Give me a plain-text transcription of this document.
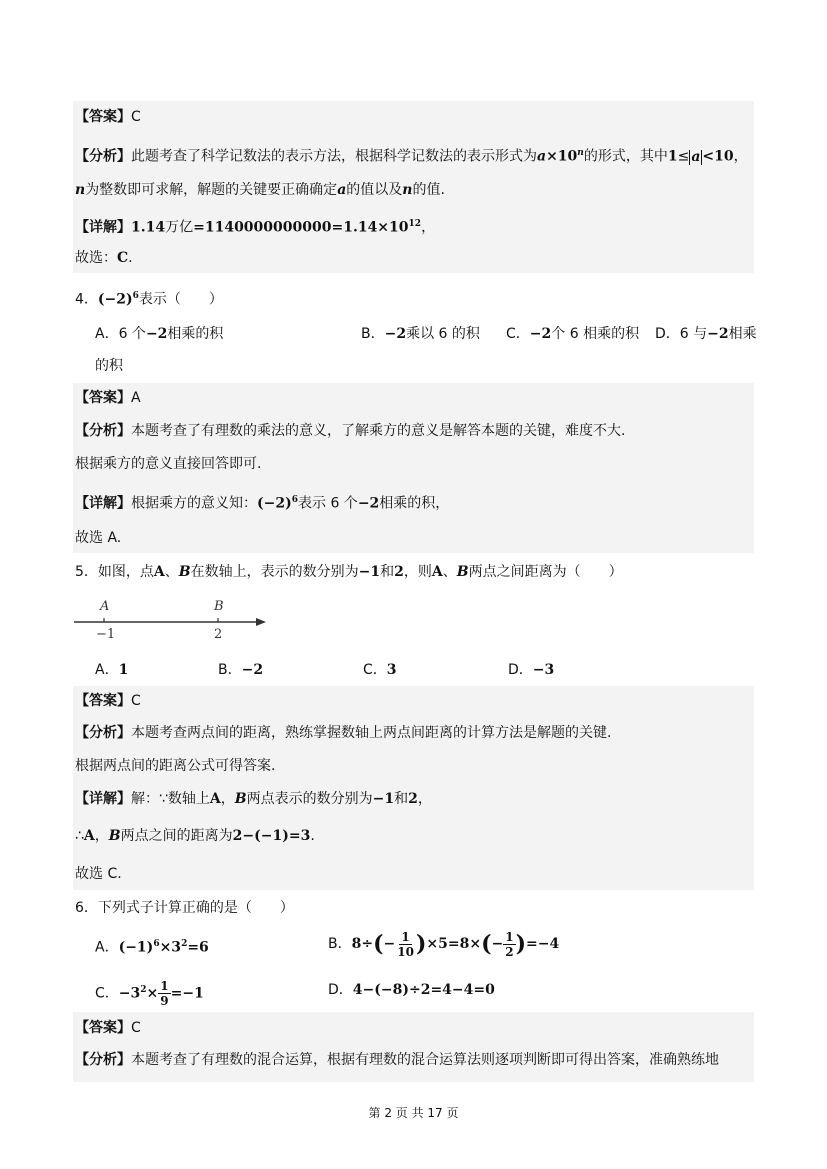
【答案】C
【分析】此题考查了科学记数法的表示方法，根据科学记数法的表示形式为$a\times 10^n$的形式，其中1≤ a <10，
n为整数即可求解，解题的关键要正确确定a的值以及n的值.
【详解】1.14万亿$=1140000000000=1.14\times 10^{12}$，
故选：C.
4．$(-2)^6$表示（　　）
A．6 个−2相乘的积	B．−2乘以 6 的积 C．−2个 6 相乘的积 D．6 与−2相乘
的积
【答案】A
【分析】本题考查了有理数的乘法的意义，了解乘方的意义是解答本题的关键，难度不大.
根据乘方的意义直接回答即可.
【详解】根据乘方的意义知：$(-2)^6$表示 6 个−2相乘的积，
故选 A.
5．如图，点A、B在数轴上，表示的数分别为−1和2，则A、B两点之间距离为（　　）
A	B
−1	2
A．1	B．−2	C．3	D．−3
【答案】C
【分析】本题考查两点间的距离，熟练掌握数轴上两点间距离的计算方法是解题的关键.
根据两点间的距离公式可得答案.
【详解】解：∵数轴上A，B两点表示的数分别为−1和2，
∴A，B两点之间的距离为2−(−1)=3.
故选 C.
6．下列式子计算正确的是（　　）
A．$(-1)^6\times 3^2=6$	B．$8\div(- \frac{1}{10} )\times 5=8\times(- \frac{1}{2} )=-4$
C．$-3^2\times \frac{1}{9} =-1$	D．4−(−8)÷2=4−4=0
【答案】C
【分析】本题考查了有理数的混合运算，根据有理数的混合运算法则逐项判断即可得出答案，准确熟练地
第 2 页 共 17 页
